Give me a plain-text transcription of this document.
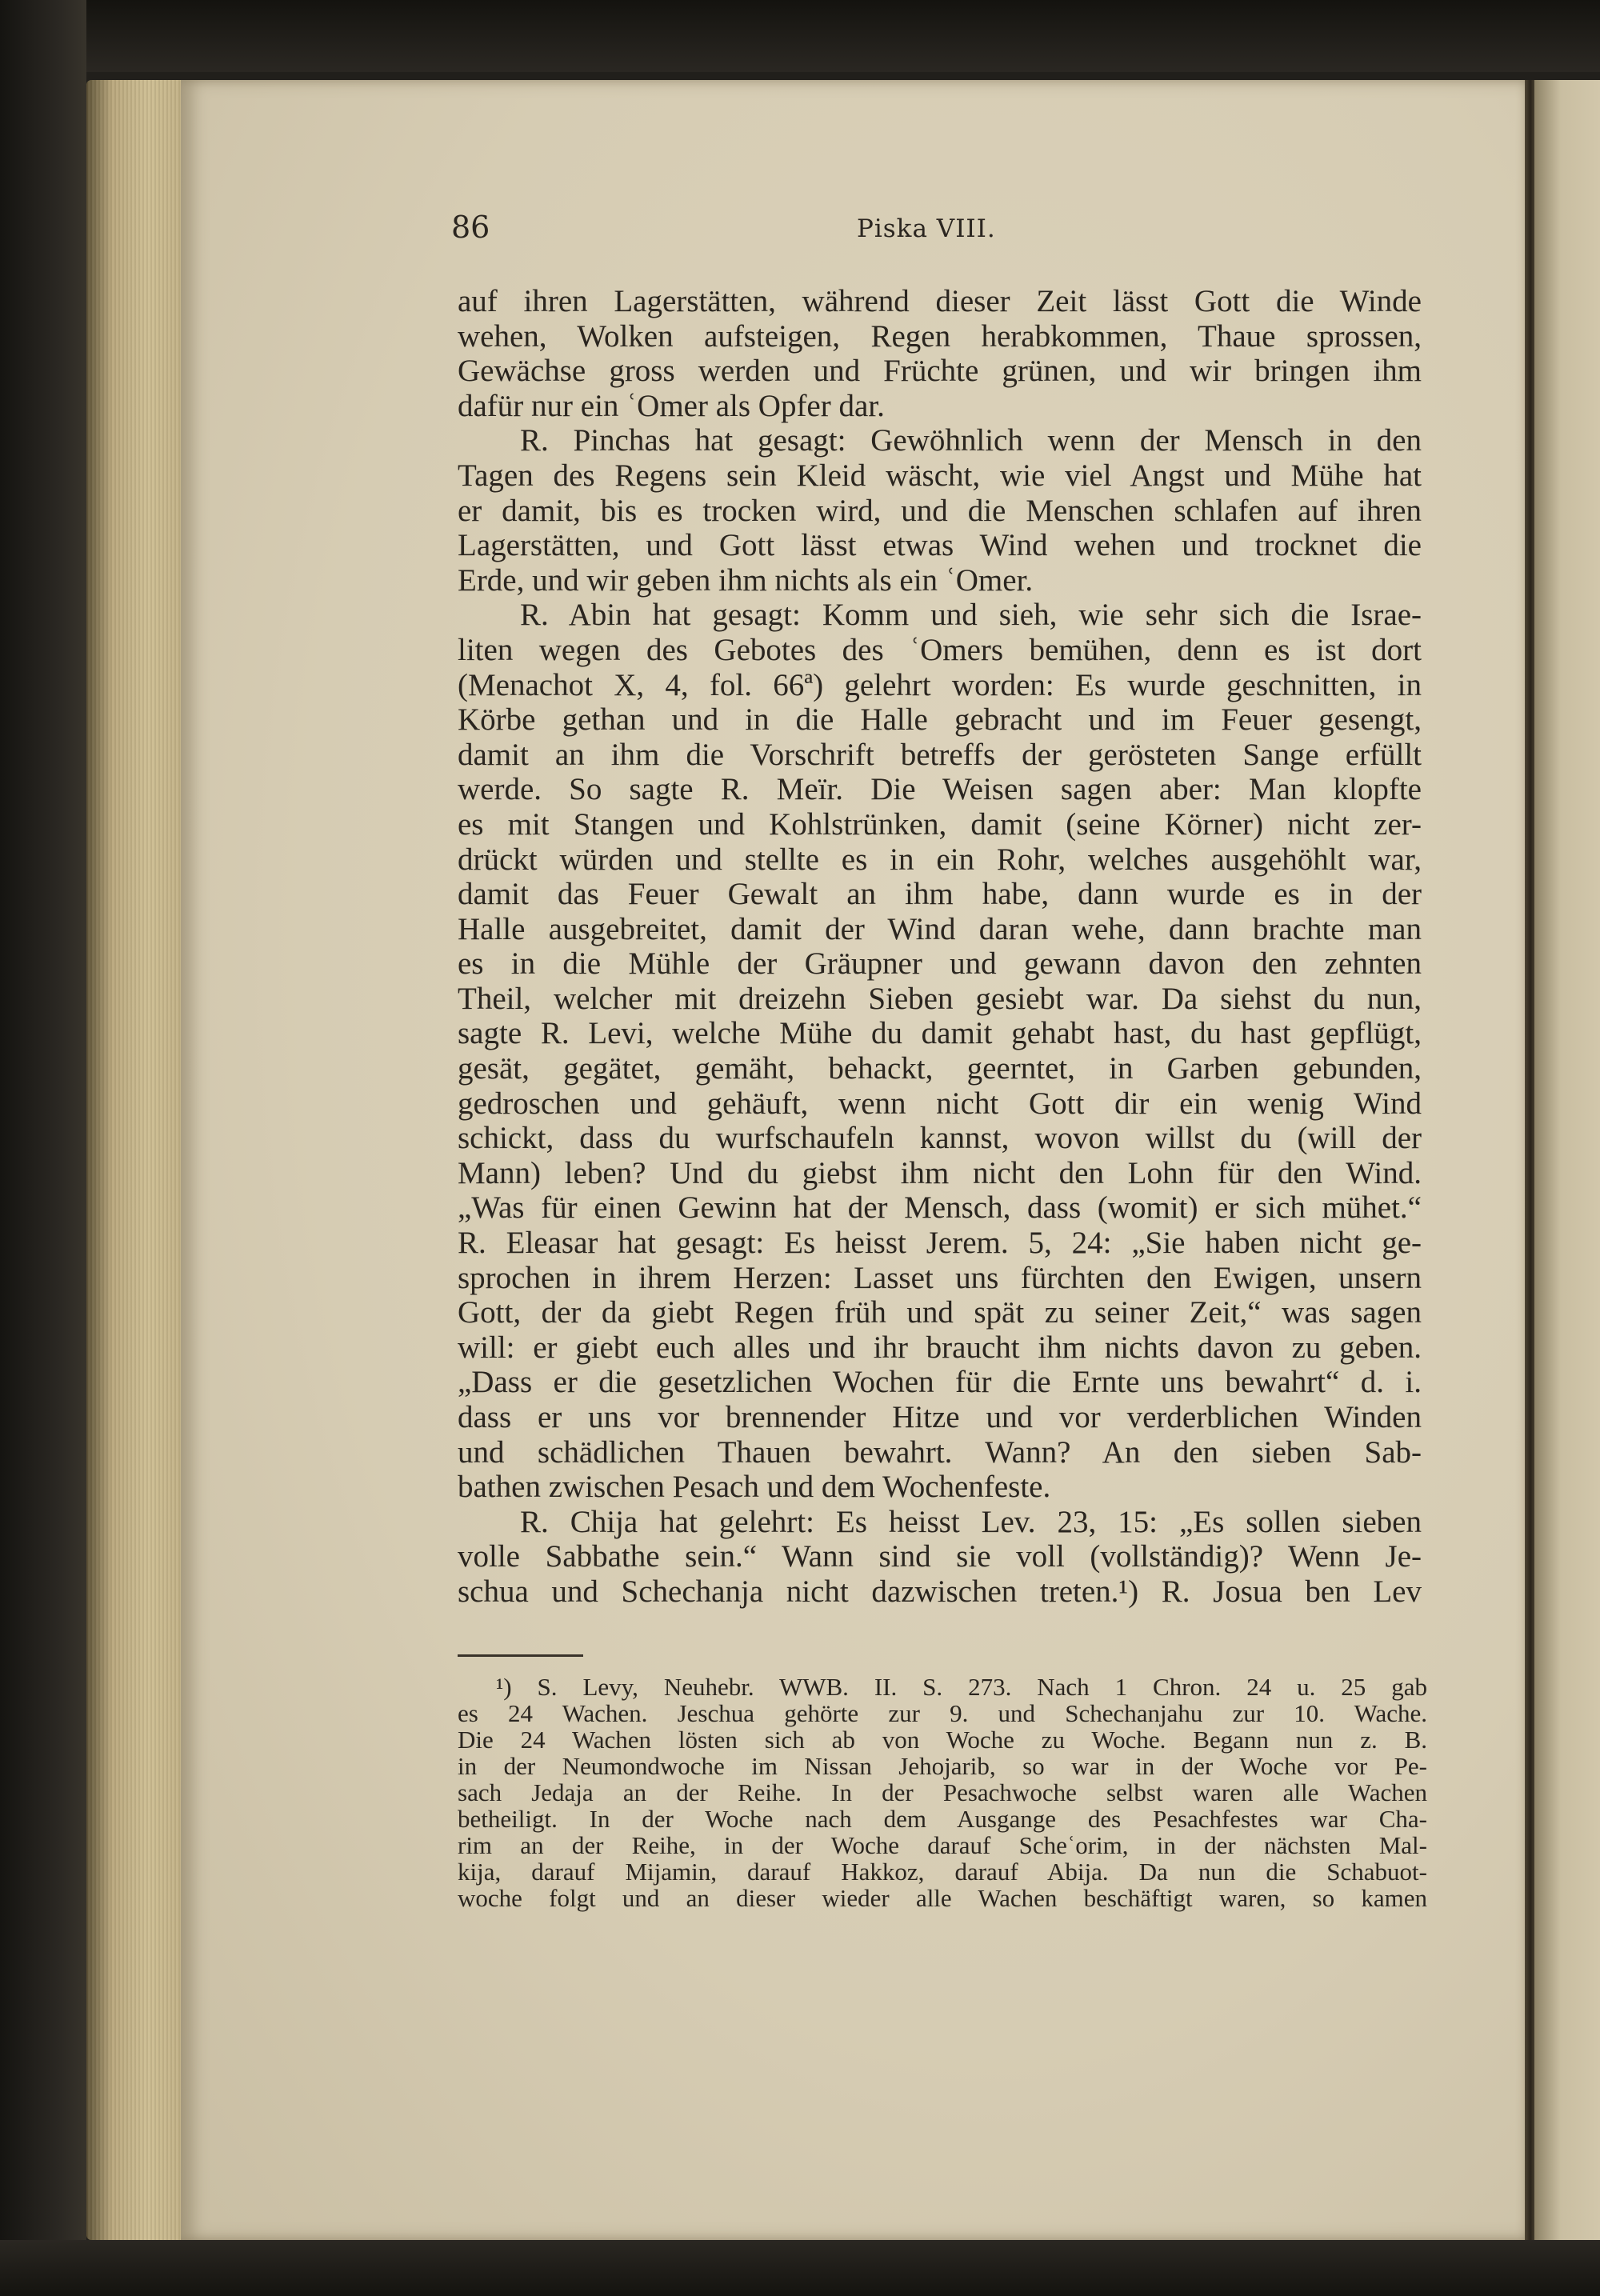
86	Piska VIII.
auf ihren Lagerstätten, während dieser Zeit lässt Gott die Winde
wehen, Wolken aufsteigen, Regen herabkommen, Thaue sprossen,
Gewächse gross werden und Früchte grünen, und wir bringen ihm
dafür nur ein ʿOmer als Opfer dar.
R. Pinchas hat gesagt: Gewöhnlich wenn der Mensch in den
Tagen des Regens sein Kleid wäscht, wie viel Angst und Mühe hat
er damit, bis es trocken wird, und die Menschen schlafen auf ihren
Lagerstätten, und Gott lässt etwas Wind wehen und trocknet die
Erde, und wir geben ihm nichts als ein ʿOmer.
R. Abin hat gesagt: Komm und sieh, wie sehr sich die Israe-
liten wegen des Gebotes des ʿOmers bemühen, denn es ist dort
(Menachot X, 4, fol. 66ª) gelehrt worden: Es wurde geschnitten, in
Körbe gethan und in die Halle gebracht und im Feuer gesengt,
damit an ihm die Vorschrift betreffs der gerösteten Sange erfüllt
werde. So sagte R. Meïr. Die Weisen sagen aber: Man klopfte
es mit Stangen und Kohlstrünken, damit (seine Körner) nicht zer-
drückt würden und stellte es in ein Rohr, welches ausgehöhlt war,
damit das Feuer Gewalt an ihm habe, dann wurde es in der
Halle ausgebreitet, damit der Wind daran wehe, dann brachte man
es in die Mühle der Gräupner und gewann davon den zehnten
Theil, welcher mit dreizehn Sieben gesiebt war. Da siehst du nun,
sagte R. Levi, welche Mühe du damit gehabt hast, du hast gepflügt,
gesät, gegätet, gemäht, behackt, geerntet, in Garben gebunden,
gedroschen und gehäuft, wenn nicht Gott dir ein wenig Wind
schickt, dass du wurfschaufeln kannst, wovon willst du (will der
Mann) leben? Und du giebst ihm nicht den Lohn für den Wind.
„Was für einen Gewinn hat der Mensch, dass (womit) er sich mühet.“
R. Eleasar hat gesagt: Es heisst Jerem. 5, 24: „Sie haben nicht ge-
sprochen in ihrem Herzen: Lasset uns fürchten den Ewigen, unsern
Gott, der da giebt Regen früh und spät zu seiner Zeit,“ was sagen
will: er giebt euch alles und ihr braucht ihm nichts davon zu geben.
„Dass er die gesetzlichen Wochen für die Ernte uns bewahrt“ d. i.
dass er uns vor brennender Hitze und vor verderblichen Winden
und schädlichen Thauen bewahrt. Wann? An den sieben Sab-
bathen zwischen Pesach und dem Wochenfeste.
R. Chija hat gelehrt: Es heisst Lev. 23, 15: „Es sollen sieben
volle Sabbathe sein.“ Wann sind sie voll (vollständig)? Wenn Je-
schua und Schechanja nicht dazwischen treten.¹) R. Josua ben Lev
¹) S. Levy, Neuhebr. WWB. II. S. 273. Nach 1 Chron. 24 u. 25 gab
es 24 Wachen. Jeschua gehörte zur 9. und Schechanjahu zur 10. Wache.
Die 24 Wachen lösten sich ab von Woche zu Woche. Begann nun z. B.
in der Neumondwoche im Nissan Jehojarib, so war in der Woche vor Pe-
sach Jedaja an der Reihe. In der Pesachwoche selbst waren alle Wachen
betheiligt. In der Woche nach dem Ausgange des Pesachfestes war Cha-
rim an der Reihe, in der Woche darauf Scheʿorim, in der nächsten Mal-
kija, darauf Mijamin, darauf Hakkoz, darauf Abija. Da nun die Schabuot-
woche folgt und an dieser wieder alle Wachen beschäftigt waren, so kamen
